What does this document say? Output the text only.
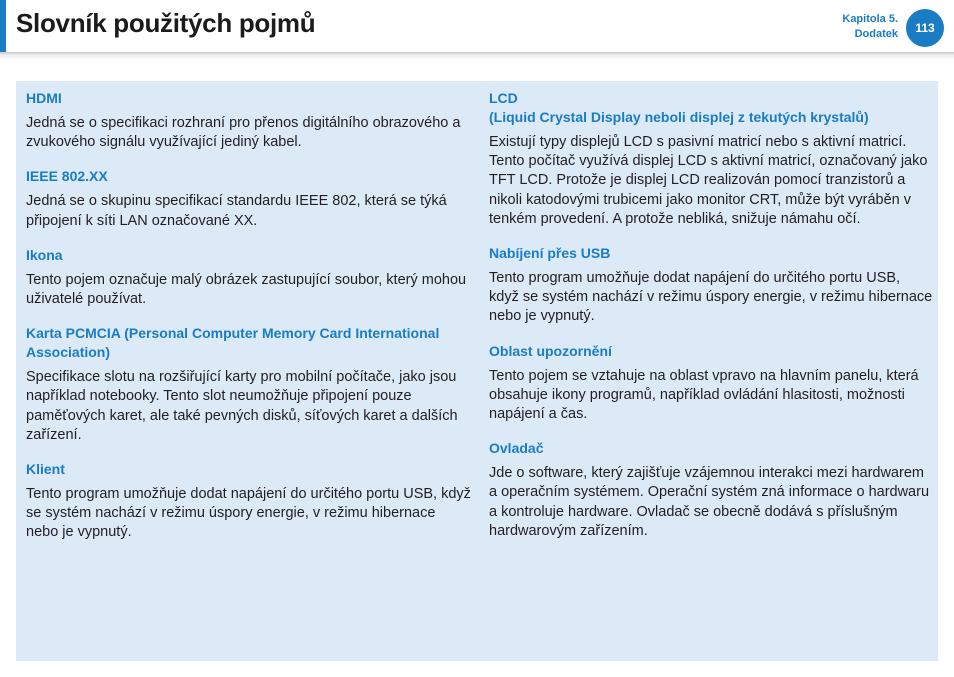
Slovník použitých pojmů	Kapitola 5.
Dodatek	113
HDMI

Jedná se o specifikaci rozhraní pro přenos digitálního obrazového a zvukového signálu využívající jediný kabel.

IEEE 802.XX

Jedná se o skupinu specifikací standardu IEEE 802, která se týká připojení k síti LAN označované XX.

Ikona

Tento pojem označuje malý obrázek zastupující soubor, který mohou uživatelé používat.

Karta PCMCIA (Personal Computer Memory Card International Association)

Specifikace slotu na rozšiřující karty pro mobilní počítače, jako jsou například notebooky. Tento slot neumožňuje připojení pouze paměťových karet, ale také pevných disků, síťových karet a dalších zařízení.

Klient

Tento program umožňuje dodat napájení do určitého portu USB, když se systém nachází v režimu úspory energie, v režimu hibernace nebo je vypnutý.

LCD
(Liquid Crystal Display neboli displej z tekutých krystalů)

Existují typy displejů LCD s pasivní matricí nebo s aktivní matricí. Tento počítač využívá displej LCD s aktivní matricí, označovaný jako TFT LCD. Protože je displej LCD realizován pomocí tranzistorů a nikoli katodovými trubicemi jako monitor CRT, může být vyráběn v tenkém provedení. A protože nebliká, snižuje námahu očí.

Nabíjení přes USB

Tento program umožňuje dodat napájení do určitého portu USB, když se systém nachází v režimu úspory energie, v režimu hibernace nebo je vypnutý.

Oblast upozornění

Tento pojem se vztahuje na oblast vpravo na hlavním panelu, která obsahuje ikony programů, například ovládání hlasitosti, možnosti napájení a čas.

Ovladač

Jde o software, který zajišťuje vzájemnou interakci mezi hardwarem a operačním systémem. Operační systém zná informace o hardwaru a kontroluje hardware. Ovladač se obecně dodává s příslušným hardwarovým zařízením.
